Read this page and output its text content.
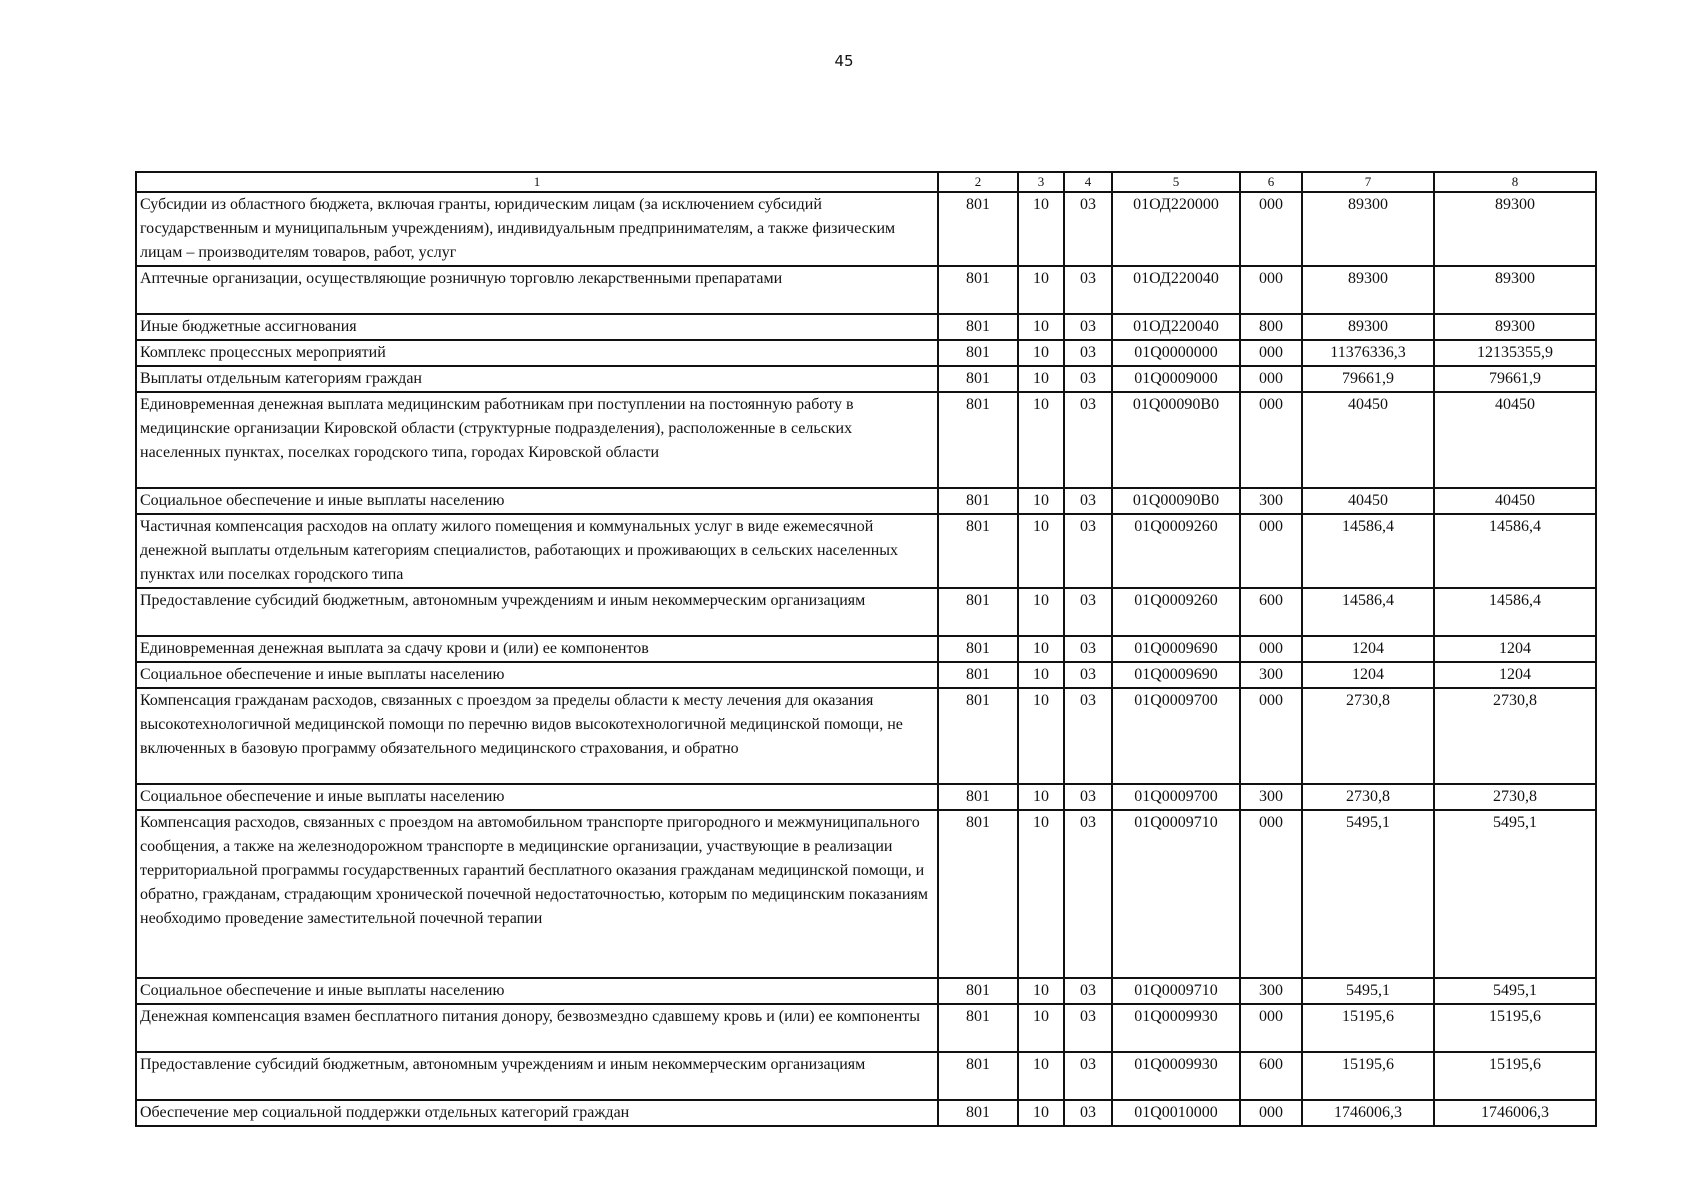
45
1	2	3	4	5	6	7	8
Субсидии из областного бюджета, включая гранты, юридическим лицам (за исключением субсидий государственным и муниципальным учреждениям), индивидуальным предпринимателям, а также физическим лицам – производителям товаров, работ, услуг	801	10	03	01ОД220000	000	89300	89300
Аптечные организации, осуществляющие розничную торговлю лекарственными препаратами	801	10	03	01ОД220040	000	89300	89300
Иные бюджетные ассигнования	801	10	03	01ОД220040	800	89300	89300
Комплекс процессных мероприятий	801	10	03	01Q0000000	000	11376336,3	12135355,9
Выплаты отдельным категориям граждан	801	10	03	01Q0009000	000	79661,9	79661,9
Единовременная денежная выплата медицинским работникам при поступлении на постоянную работу в медицинские организации Кировской области (структурные подразделения), расположенные в сельских населенных пунктах, поселках городского типа, городах Кировской области	801	10	03	01Q00090B0	000	40450	40450
Социальное обеспечение и иные выплаты населению	801	10	03	01Q00090B0	300	40450	40450
Частичная компенсация расходов на оплату жилого помещения и коммунальных услуг в виде ежемесячной денежной выплаты отдельным категориям специалистов, работающих и проживающих в сельских населенных пунктах или поселках городского типа	801	10	03	01Q0009260	000	14586,4	14586,4
Предоставление субсидий бюджетным, автономным учреждениям и иным некоммерческим организациям	801	10	03	01Q0009260	600	14586,4	14586,4
Единовременная денежная выплата за сдачу крови и (или) ее компонентов	801	10	03	01Q0009690	000	1204	1204
Социальное обеспечение и иные выплаты населению	801	10	03	01Q0009690	300	1204	1204
Компенсация гражданам расходов, связанных с проездом за пределы области к месту лечения для оказания высокотехнологичной медицинской помощи по перечню видов высокотехнологичной медицинской помощи, не включенных в базовую программу обязательного медицинского страхования, и обратно	801	10	03	01Q0009700	000	2730,8	2730,8
Социальное обеспечение и иные выплаты населению	801	10	03	01Q0009700	300	2730,8	2730,8
Компенсация расходов, связанных с проездом на автомобильном транспорте пригородного и межмуниципального сообщения, а также на железнодорожном транспорте в медицинские организации, участвующие в реализации территориальной программы государственных гарантий бесплатного оказания гражданам медицинской помощи, и обратно, гражданам, страдающим хронической почечной недостаточностью, которым по медицинским показаниям необходимо проведение заместительной почечной терапии	801	10	03	01Q0009710	000	5495,1	5495,1
Социальное обеспечение и иные выплаты населению	801	10	03	01Q0009710	300	5495,1	5495,1
Денежная компенсация взамен бесплатного питания донору, безвозмездно сдавшему кровь и (или) ее компоненты	801	10	03	01Q0009930	000	15195,6	15195,6
Предоставление субсидий бюджетным, автономным учреждениям и иным некоммерческим организациям	801	10	03	01Q0009930	600	15195,6	15195,6
Обеспечение мер социальной поддержки отдельных категорий граждан	801	10	03	01Q0010000	000	1746006,3	1746006,3
